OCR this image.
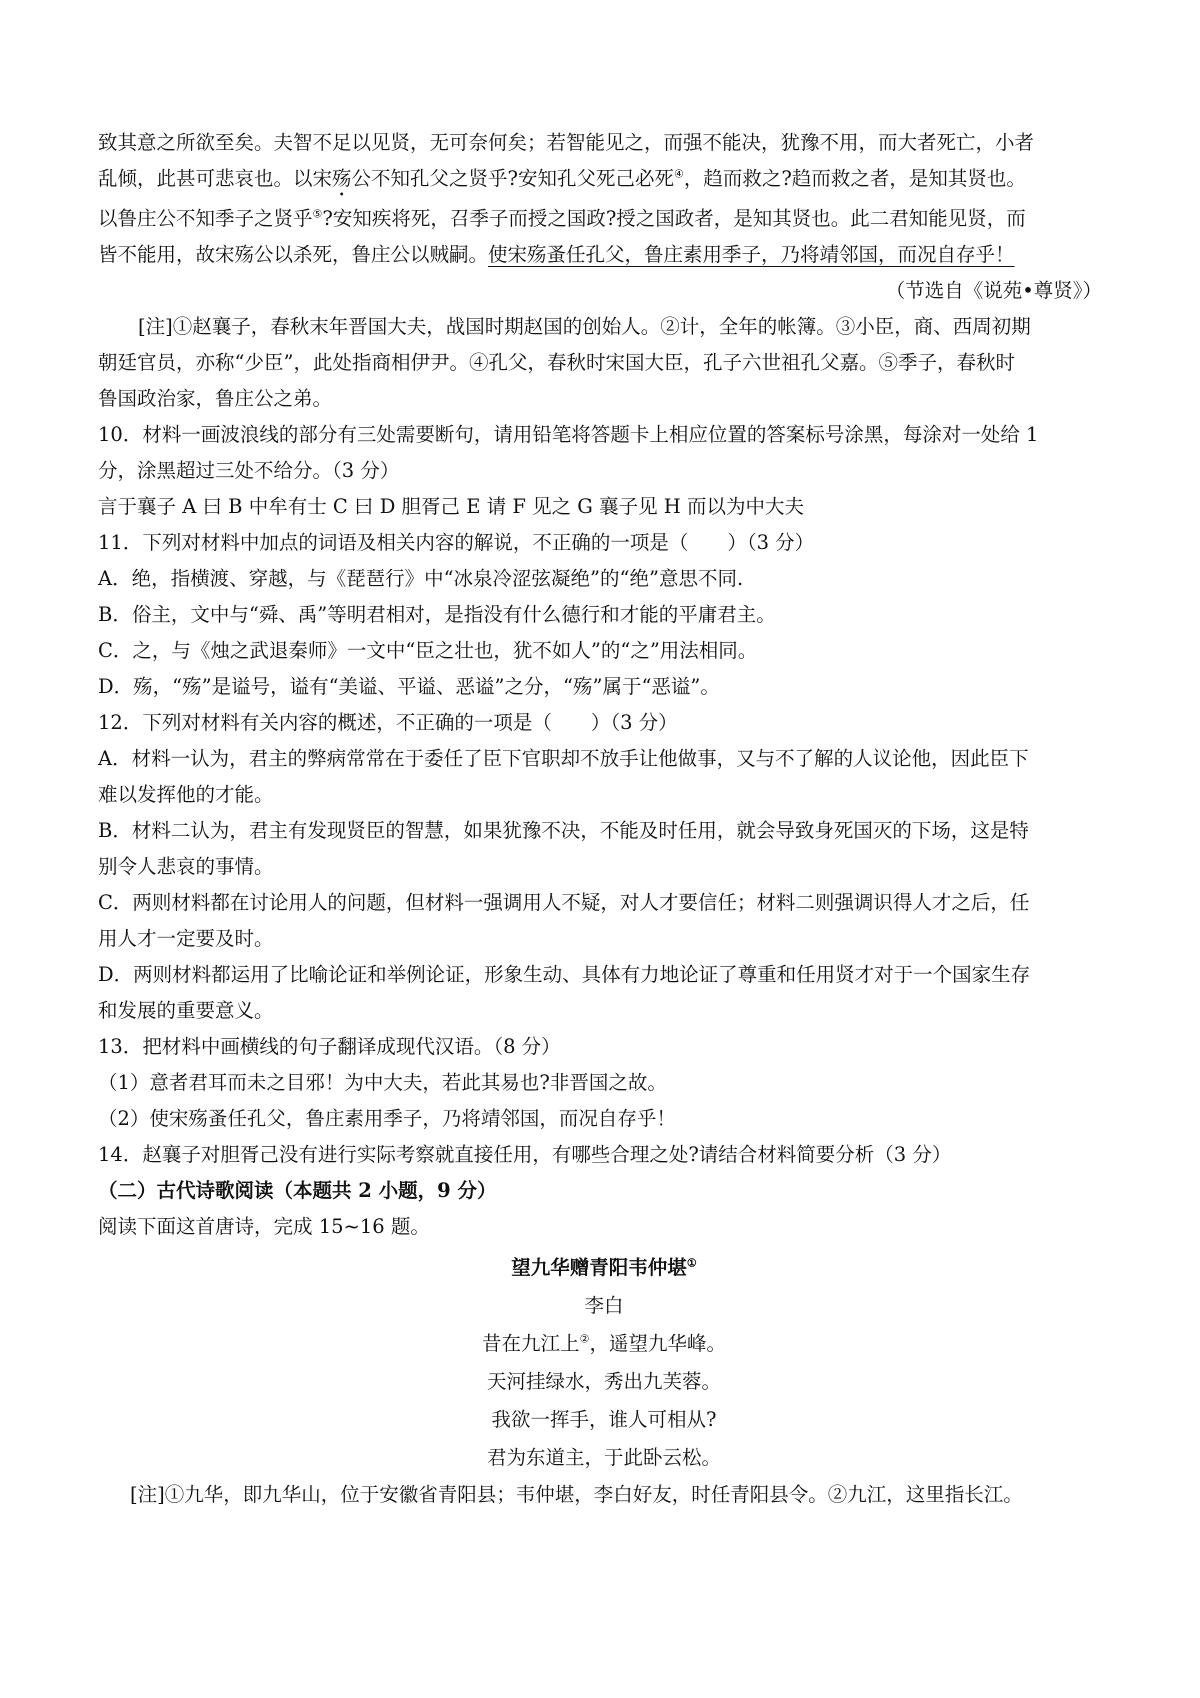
致其意之所欲至矣。夫智不足以见贤，无可奈何矣；若智能见之，而强不能决，犹豫不用，而大者死亡，小者

乱倾，此甚可悲哀也。以宋殇公不知孔父之贤乎?安知孔父死己必死④，趋而救之?趋而救之者，是知其贤也。

以鲁庄公不知季子之贤乎⑤?安知疾将死，召季子而授之国政?授之国政者，是知其贤也。此二君知能见贤，而

皆不能用，故宋殇公以杀死，鲁庄公以贼嗣。使宋殇蚤任孔父，鲁庄素用季子，乃将靖邻国，而况自存乎！

（节选自《说苑•尊贤》）

[注]①赵襄子，春秋末年晋国大夫，战国时期赵国的创始人。②计，全年的帐簿。③小臣，商、西周初期

朝廷官员，亦称“少臣”，此处指商相伊尹。④孔父，春秋时宋国大臣，孔子六世祖孔父嘉。⑤季子，春秋时

鲁国政治家，鲁庄公之弟。

10．材料一画波浪线的部分有三处需要断句，请用铅笔将答题卡上相应位置的答案标号涂黑，每涂对一处给 1

分，涂黑超过三处不给分。（3 分）

言于襄子 A 曰 B 中牟有士 C 曰 D 胆胥己 E 请 F 见之 G 襄子见 H 而以为中大夫

11．下列对材料中加点的词语及相关内容的解说，不正确的一项是（　　）（3 分）

A．绝，指横渡、穿越，与《琵琶行》中“冰泉冷涩弦凝绝”的“绝”意思不同.

B．俗主，文中与“舜、禹”等明君相对，是指没有什么德行和才能的平庸君主。

C．之，与《烛之武退秦师》一文中“臣之壮也，犹不如人”的“之”用法相同。

D．殇，“殇”是谥号，谥有“美谥、平谥、恶谥”之分，“殇”属于“恶谥”。

12．下列对材料有关内容的概述，不正确的一项是（　　）（3 分）

A．材料一认为，君主的弊病常常在于委任了臣下官职却不放手让他做事，又与不了解的人议论他，因此臣下

难以发挥他的才能。

B．材料二认为，君主有发现贤臣的智慧，如果犹豫不决，不能及时任用，就会导致身死国灭的下场，这是特

别令人悲哀的事情。

C．两则材料都在讨论用人的问题，但材料一强调用人不疑，对人才要信任；材料二则强调识得人才之后，任

用人才一定要及时。

D．两则材料都运用了比喻论证和举例论证，形象生动、具体有力地论证了尊重和任用贤才对于一个国家生存

和发展的重要意义。

13．把材料中画横线的句子翻译成现代汉语。（8 分）

（1）意者君耳而未之目邪！为中大夫，若此其易也?非晋国之故。

（2）使宋殇蚤任孔父，鲁庄素用季子，乃将靖邻国，而况自存乎！

14．赵襄子对胆胥己没有进行实际考察就直接任用，有哪些合理之处?请结合材料简要分析（3 分）

（二）古代诗歌阅读（本题共 2 小题，9 分）

阅读下面这首唐诗，完成 15~16 题。

望九华赠青阳韦仲堪①

李白

昔在九江上②，遥望九华峰。

天河挂绿水，秀出九芙蓉。

我欲一挥手，谁人可相从?

君为东道主，于此卧云松。

[注]①九华，即九华山，位于安徽省青阳县；韦仲堪，李白好友，时任青阳县令。②九江，这里指长江。
